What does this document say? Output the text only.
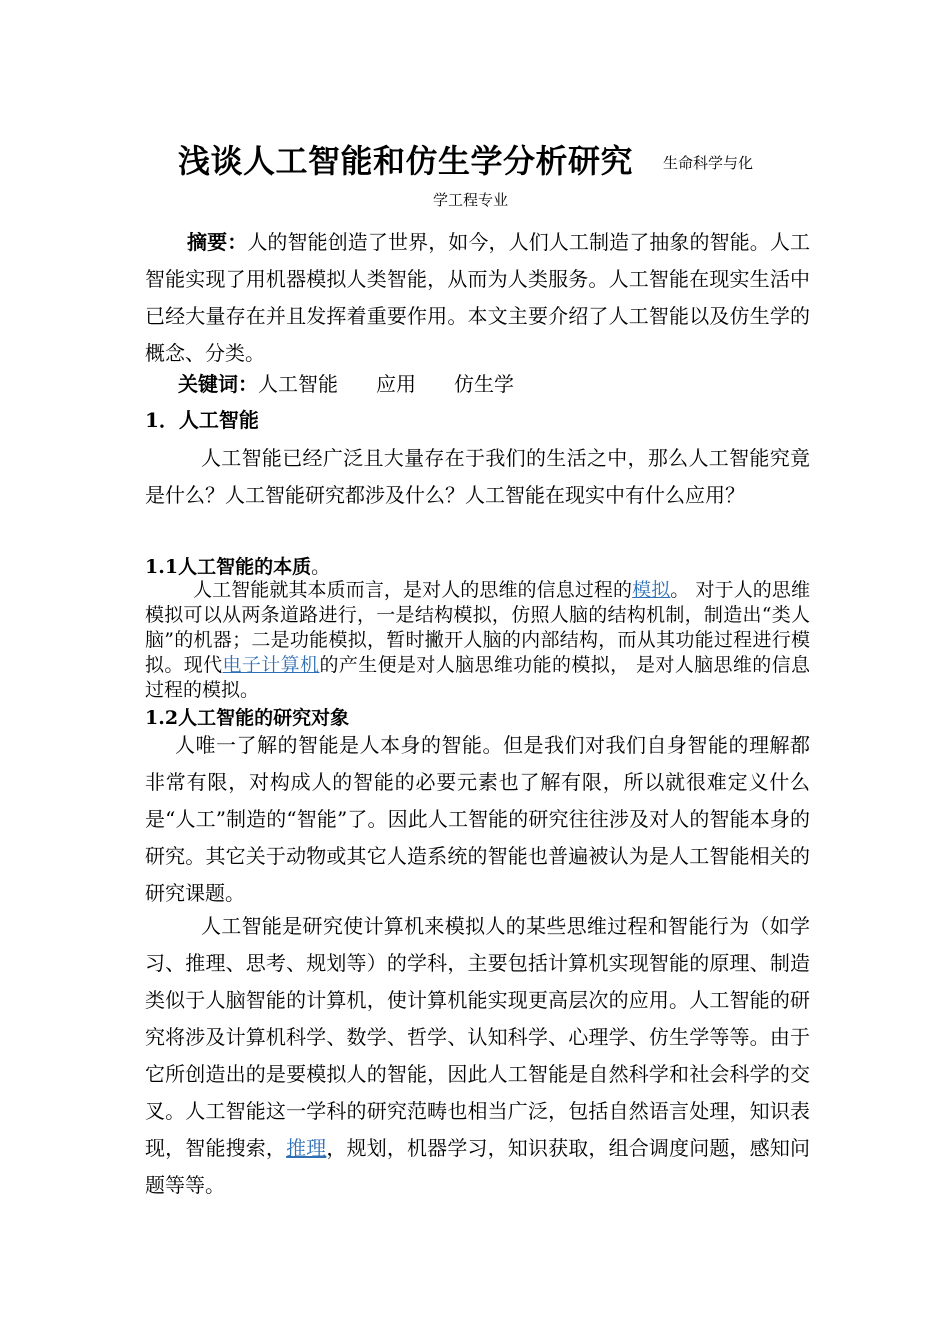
浅谈人工智能和仿生学分析研究 生命科学与化
学工程专业

摘要：人的智能创造了世界，如今，人们人工制造了抽象的智能。人工智能实现了用机器模拟人类智能，从而为人类服务。人工智能在现实生活中已经大量存在并且发挥着重要作用。本文主要介绍了人工智能以及仿生学的概念、分类。

关键词：人工智能 应用 仿生学
1．人工智能

人工智能已经广泛且大量存在于我们的生活之中，那么人工智能究竟是什么？人工智能研究都涉及什么？人工智能在现实中有什么应用？

1.1人工智能的本质。

人工智能就其本质而言，是对人的思维的信息过程的模拟。 对于人的思维模拟可以从两条道路进行，一是结构模拟，仿照人脑的结构机制，制造出“类人脑”的机器；二是功能模拟，暂时撇开人脑的内部结构，而从其功能过程进行模拟。现代电子计算机的产生便是对人脑思维功能的模拟， 是对人脑思维的信息过程的模拟。

1.2人工智能的研究对象

人唯一了解的智能是人本身的智能。但是我们对我们自身智能的理解都非常有限，对构成人的智能的必要元素也了解有限，所以就很难定义什么是“人工”制造的“智能”了。因此人工智能的研究往往涉及对人的智能本身的研究。其它关于动物或其它人造系统的智能也普遍被认为是人工智能相关的研究课题。

人工智能是研究使计算机来模拟人的某些思维过程和智能行为（如学习、推理、思考、规划等）的学科，主要包括计算机实现智能的原理、制造类似于人脑智能的计算机，使计算机能实现更高层次的应用。人工智能的研究将涉及计算机科学、数学、哲学、认知科学、心理学、仿生学等等。由于它所创造出的是要模拟人的智能，因此人工智能是自然科学和社会科学的交叉。人工智能这一学科的研究范畴也相当广泛，包括自然语言处理，知识表现，智能搜索，推理，规划，机器学习，知识获取，组合调度问题，感知问题等等。
